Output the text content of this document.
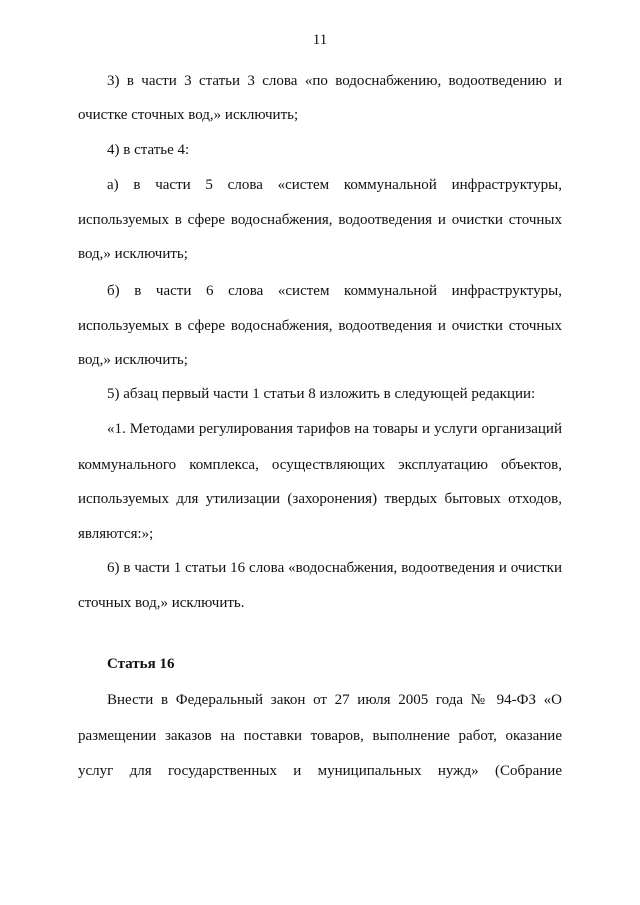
11
3) в части 3 статьи 3 слова «по водоснабжению, водоотведению и
очистке сточных вод,» исключить;
4) в статье 4:
а) в части 5 слова «систем коммунальной инфраструктуры,
используемых в сфере водоснабжения, водоотведения и очистки сточных
вод,» исключить;
б) в части 6 слова «систем коммунальной инфраструктуры,
используемых в сфере водоснабжения, водоотведения и очистки сточных
вод,» исключить;
5) абзац первый части 1 статьи 8 изложить в следующей редакции:
«1. Методами регулирования тарифов на товары и услуги организаций
коммунального комплекса, осуществляющих эксплуатацию объектов,
используемых для утилизации (захоронения) твердых бытовых отходов,
являются:»;
6) в части 1 статьи 16 слова «водоснабжения, водоотведения и очистки
сточных вод,» исключить.
Статья 16
Внести в Федеральный закон от 27 июля 2005 года № 94-ФЗ «О
размещении заказов на поставки товаров, выполнение работ, оказание
услуг для государственных и муниципальных нужд» (Собрание
